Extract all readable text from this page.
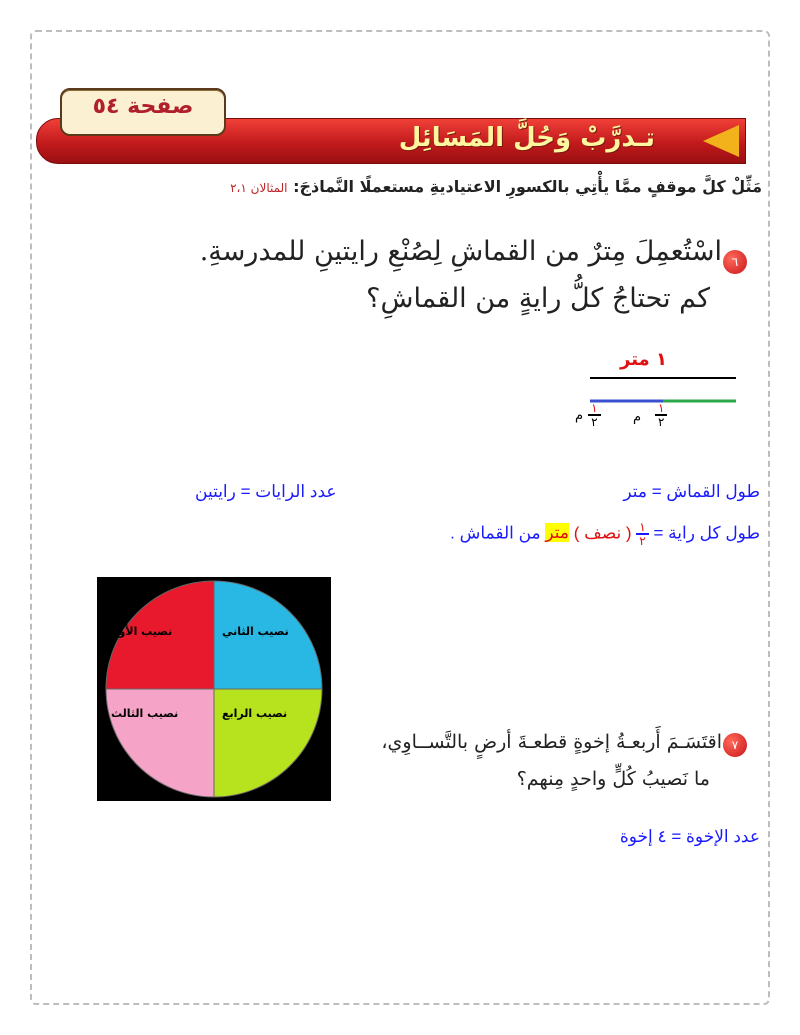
صفحة ٥٤
تـدرَّبْ وَحُلَّ المَسَائِل
مَثِّلْ كلَّ موقفٍ ممَّا يأْتِي بالكسورِ الاعتياديةِ مستعملًا النَّماذجَ: المثالان ٢،١
٦
اسْتُعمِلَ مِترٌ من القماشِ لِصُنْعِ رايتينِ للمدرسةِ.
كم تحتاجُ كلُّ رايةٍ من القماشِ؟
١ متر
$\frac{١}{٢}$
م	$\frac{١}{٢}$
م
طول القماش = متر
عدد الرايات = رايتين
طول كل راية =
$\frac{١}{٢}$
( نصف ) متر من القماش .
نصيب الأول	نصيب الثاني
نصيب الثالث	نصيب الرابع
٧
اقتَسَـمَ أَربعـةُ إخوةٍ قطعـةَ أرضٍ بالتَّســاوِي،
ما نَصيبُ كُلٍّ واحدٍ مِنهم؟
عدد الإخوة = ٤ إخوة
